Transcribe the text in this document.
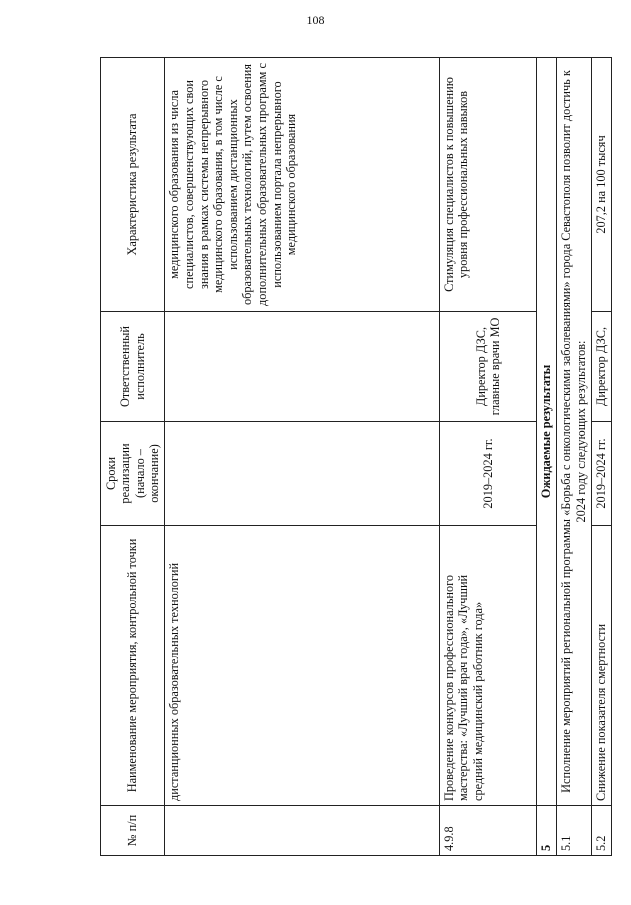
108
№ п/п	Наименование мероприятия, контрольной точки	Сроки реализации (начало – окончание)	Ответственный исполнитель	Характеристика результата
	дистанционных образовательных технологий			медицинского образования из числа специалистов, совершенствующих свои знания в рамках системы непрерывного медицинского образования, в том числе с использованием дистанционных образовательных технологий, путем освоения дополнительных образовательных программ с использованием портала непрерывного медицинского образования
4.9.8	Проведение конкурсов профессионального мастерства: «Лучший врач года», «Лучший средний медицинский работник года»	2019–2024 гг.	Директор ДЗС, главные врачи МО	Стимуляция специалистов к повышению уровня профессиональных навыков
5	Ожидаемые результаты			
5.1	Исполнение мероприятий региональной программы «Борьба с онкологическими заболеваниями» города Севастополя позволит достичь к 2024 году следующих результатов:			
5.2	Снижение показателя смертности	2019–2024 гг.	Директор ДЗС,	207,2 на 100 тысяч
